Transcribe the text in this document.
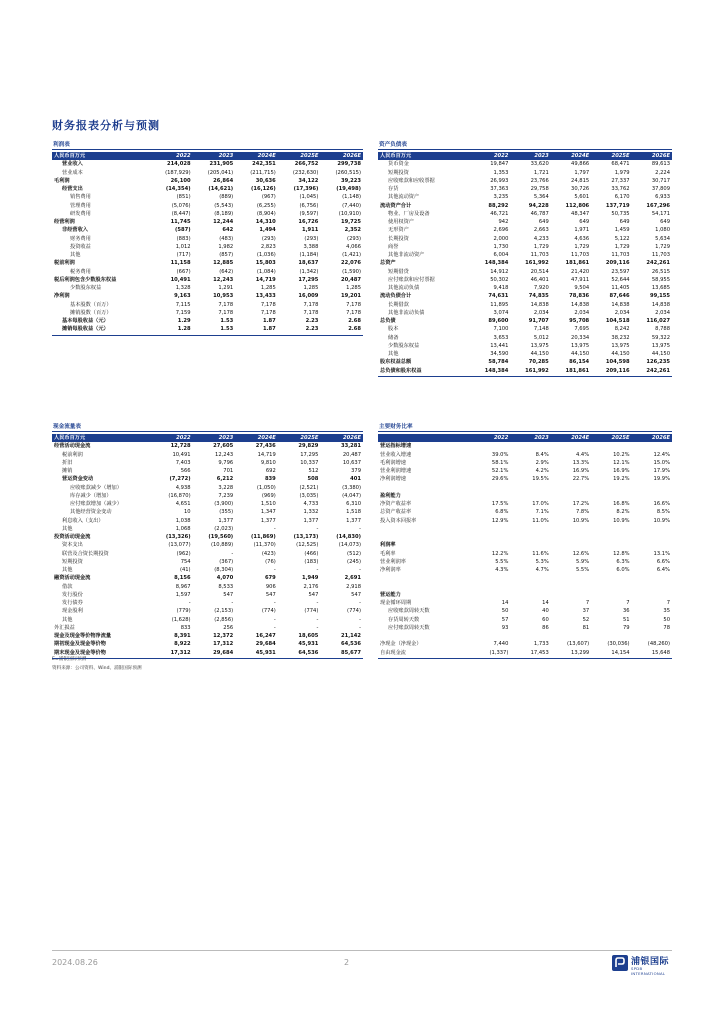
财务报表分析与预测
利润表
人民币百万元	2022	2023	2024E	2025E	2026E
营业收入	214,028	231,905	242,351	266,752	299,738
营业成本	(187,929)	(205,041)	(211,715)	(232,630)	(260,515)
毛利润	26,100	26,864	30,636	34,122	39,223
经营支出	(14,354)	(14,621)	(16,126)	(17,396)	(19,498)
销售费用	(851)	(889)	(967)	(1,045)	(1,148)
管理费用	(5,076)	(5,543)	(6,255)	(6,756)	(7,440)
研发费用	(8,447)	(8,189)	(8,904)	(9,597)	(10,910)
经营利润	11,745	12,244	14,310	16,726	19,725
非经营收入	(587)	642	1,494	1,911	2,352
财务费用	(883)	(483)	(293)	(293)	(293)
投资收益	1,012	1,982	2,823	3,388	4,066
其他	(717)	(857)	(1,036)	(1,184)	(1,421)
税前利润	11,158	12,885	15,803	18,637	22,076
税务费用	(667)	(642)	(1,084)	(1,342)	(1,590)
税后利润包含少数股东权益	10,491	12,243	14,719	17,295	20,487
少数股东权益	1,328	1,291	1,285	1,285	1,285
净利润	9,163	10,953	13,433	16,009	19,201
基本股数（百万）	7,115	7,178	7,178	7,178	7,178
摊销股数（百万）	7,159	7,178	7,178	7,178	7,178
基本每股收益（元）	1.29	1.53	1.87	2.23	2.68
摊销每股收益（元）	1.28	1.53	1.87	2.23	2.68
资产负债表
人民币百万元	2022	2023	2024E	2025E	2026E
货币资金	19,847	33,620	49,866	68,471	89,613
短期投资	1,353	1,721	1,797	1,979	2,224
应收账款和应收票据	26,993	23,766	24,815	27,337	30,717
存货	37,363	29,758	30,726	33,762	37,809
其他流动资产	3,235	5,364	5,601	6,170	6,933
流动资产合计	88,292	94,228	112,806	137,719	167,296
物业、厂房及设备	46,721	46,787	48,347	50,735	54,171
使用权资产	942	649	649	649	649
无形资产	2,696	2,663	1,971	1,459	1,080
长期投资	2,000	4,233	4,636	5,122	5,634
商誉	1,730	1,729	1,729	1,729	1,729
其他非流动资产	6,004	11,703	11,703	11,703	11,703
总资产	148,384	161,992	181,861	209,116	242,261
短期借贷	14,912	20,514	21,420	23,597	26,515
应付账款和应付票据	50,302	46,401	47,911	52,644	58,955
其他流动负债	9,418	7,920	9,504	11,405	13,685
流动负债合计	74,631	74,835	78,836	87,646	99,155
长期借款	11,895	14,838	14,838	14,838	14,838
其他非流动负债	3,074	2,034	2,034	2,034	2,034
总负债	89,600	91,707	95,708	104,518	116,027
股本	7,100	7,148	7,695	8,242	8,788
储备	3,653	5,012	20,334	38,232	59,322
少数股东权益	13,441	13,975	13,975	13,975	13,975
其他	34,590	44,150	44,150	44,150	44,150
股东权益总额	58,784	70,285	86,154	104,598	126,235
总负债和股东权益	148,384	161,992	181,861	209,116	242,261
现金流量表
人民币百万元	2022	2023	2024E	2025E	2026E
经营活动现金流	12,728	27,605	27,436	29,829	33,281
税前利润	10,491	12,243	14,719	17,295	20,487
折旧	7,403	9,796	9,810	10,337	10,637
摊销	566	701	692	512	379
营运资金变动	(7,272)	6,212	839	508	401
应收账款减少（增加）	4,938	3,228	(1,050)	(2,521)	(3,380)
库存减少（增加）	(16,870)	7,239	(969)	(3,035)	(4,047)
应付账款增加（减少）	4,651	(3,900)	1,510	4,733	6,310
其他经营资金变动	10	(355)	1,347	1,332	1,518
利息收入（支出）	1,038	1,377	1,377	1,377	1,377
其他	1,068	(2,023)	-	-	-
投资活动现金流	(13,326)	(19,560)	(11,869)	(13,173)	(14,830)
资本支出	(13,077)	(10,889)	(11,370)	(12,525)	(14,073)
联营及合资长期投资	(962)	-	(423)	(466)	(512)
短期投资	754	(367)	(76)	(183)	(245)
其他	(41)	(8,304)	-	-	-
融资活动现金流	8,156	4,070	679	1,949	2,691
借款	8,967	8,533	906	2,176	2,918
发行股份	1,597	547	547	547	547
发行债券	-	-	-	-	-
现金股利	(779)	(2,153)	(774)	(774)	(774)
其他	(1,628)	(2,856)	-	-	-
外汇损益	833	256	-	-	-
现金及现金等价物净流量	8,391	12,372	16,247	18,605	21,142
期初现金及现金等价物	8,922	17,312	29,684	45,931	64,536
期末现金及现金等价物	17,312	29,684	45,931	64,536	85,677
主要财务比率
	2022	2023	2024E	2025E	2026E
营运指标增速					
营业收入增速	39.0%	8.4%	4.4%	10.2%	12.4%
毛利润增速	58.1%	2.9%	13.3%	12.1%	15.0%
营业利润增速	52.1%	4.2%	16.9%	16.9%	17.9%
净利润增速	29.6%	19.5%	22.7%	19.2%	19.9%

盈利能力					
净资产收益率	17.5%	17.0%	17.2%	16.8%	16.6%
总资产收益率	6.8%	7.1%	7.8%	8.2%	8.5%
投入资本回报率	12.9%	11.0%	10.9%	10.9%	10.9%

利润率					
毛利率	12.2%	11.6%	12.6%	12.8%	13.1%
营业利润率	5.5%	5.3%	5.9%	6.3%	6.6%
净利润率	4.3%	4.7%	5.5%	6.0%	6.4%

营运能力					
现金循环周期	14	14	7	7	7
应收账款周转天数	50	40	37	36	35
存货周转天数	57	60	52	51	50
应付账款周转天数	93	86	81	79	78

净现金（净现金）	7,440	1,733	(13,607)	(30,036)	(48,260)
自由现金流	(1,337)	17,453	13,299	14,154	15,648
E=浦银国际预测
资料来源：公司资料、Wind、浦银国际预测
2024.08.26	2	浦银国际
SPDB INTERNATIONAL
